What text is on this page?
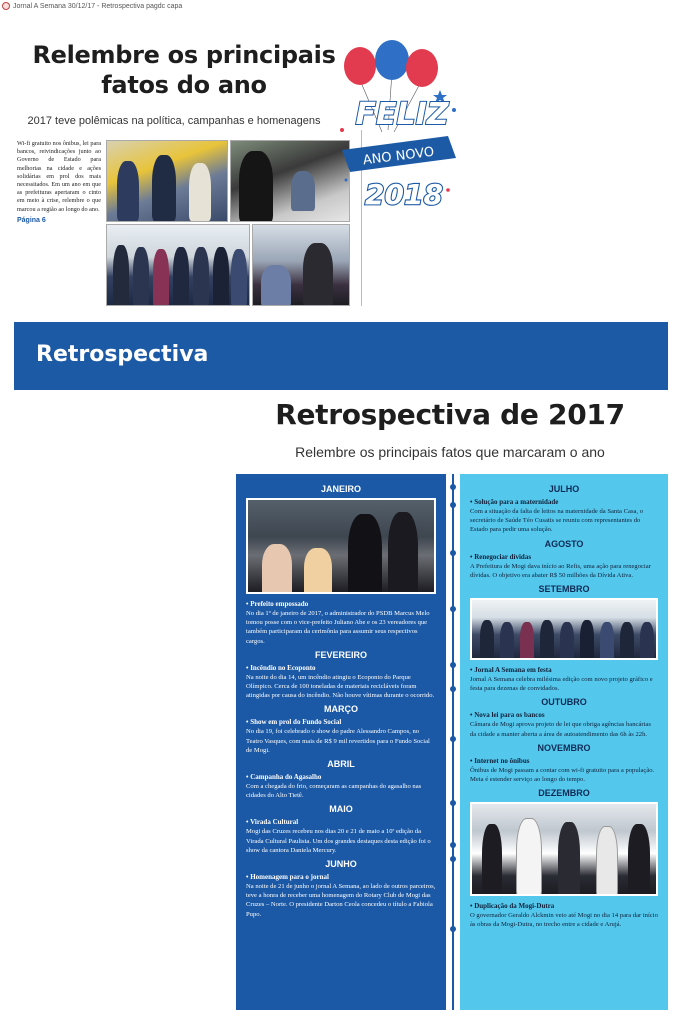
Jornal A Semana 30/12/17 - Retrospectiva pagdc capa
Relembre os principais
fatos do ano
2017 teve polêmicas na política, campanhas e homenagens
Wi-fi gratuito nos ônibus, lei para bancos, reivindicações junto ao Governo de Estado para melhorias na cidade e ações solidárias em prol dos mais necessitados. Em um ano em que as prefeituras apertaram o cinto em meio à crise, relembre o que marcou a região ao longo do ano.
Página 6
FELIZ
ANO NOVO
2018
Retrospectiva
Retrospectiva de 2017
Relembre os principais fatos que marcaram o ano
JANEIRO
• Prefeito empossado
No dia 1º de janeiro de 2017, o administrador do PSDB Marcus Melo tomou posse com o vice-prefeito Juliano Abe e os 23 vereadores que também participaram da cerimônia para assumir seus respectivos cargos.
FEVEREIRO
• Incêndio no Ecoponto
Na noite do dia 14, um incêndio atingiu o Ecoponto do Parque Olímpico. Cerca de 100 toneladas de materiais recicláveis foram atingidas por causa do incêndio. Não houve vítimas durante o ocorrido.
MARÇO
• Show em prol do Fundo Social
No dia 19, foi celebrado o show do padre Alessandro Campos, no Teatro Vasques, com mais de R$ 9 mil revertidos para o Fundo Social de Mogi.
ABRIL
• Campanha do Agasalho
Com a chegada do frio, começaram as campanhas do agasalho nas cidades do Alto Tietê.
MAIO
• Virada Cultural
Mogi das Cruzes recebeu nos dias 20 e 21 de maio a 10ª edição da Virada Cultural Paulista. Um dos grandes destaques desta edição foi o show da cantora Daniela Mercury.
JUNHO
• Homenagem para o jornal
Na noite de 21 de junho o jornal A Semana, ao lado de outros parceiros, teve a honra de receber uma homenagem do Rotary Club de Mogi das Cruzes – Norte. O presidente Darton Ceola concedeu o título a Fabiola Pupo.
JULHO
• Solução para a maternidade
Com a situação da falta de leitos na maternidade da Santa Casa, o secretário de Saúde Téo Cusatis se reuniu com representantes do Estado para pedir uma solução.
AGOSTO
• Renegociar dívidas
A Prefeitura de Mogi dava início ao Refis, uma ação para renegociar dívidas. O objetivo era abater R$ 50 milhões da Dívida Ativa.
SETEMBRO
• Jornal A Semana em festa
Jornal A Semana celebra milésima edição com novo projeto gráfico e festa para dezenas de convidados.
OUTUBRO
• Nova lei para os bancos
Câmara de Mogi aprova projeto de lei que obriga agências bancárias da cidade a manter aberta a área de autoatendimento das 6h às 22h.
NOVEMBRO
• Internet no ônibus
Ônibus de Mogi passam a contar com wi-fi gratuito para a população. Meta é estender serviço ao longo do tempo.
DEZEMBRO
• Duplicação da Mogi-Dutra
O governador Geraldo Alckmin veio até Mogi no dia 14 para dar início às obras da Mogi-Dutra, no trecho entre a cidade e Arujá.
